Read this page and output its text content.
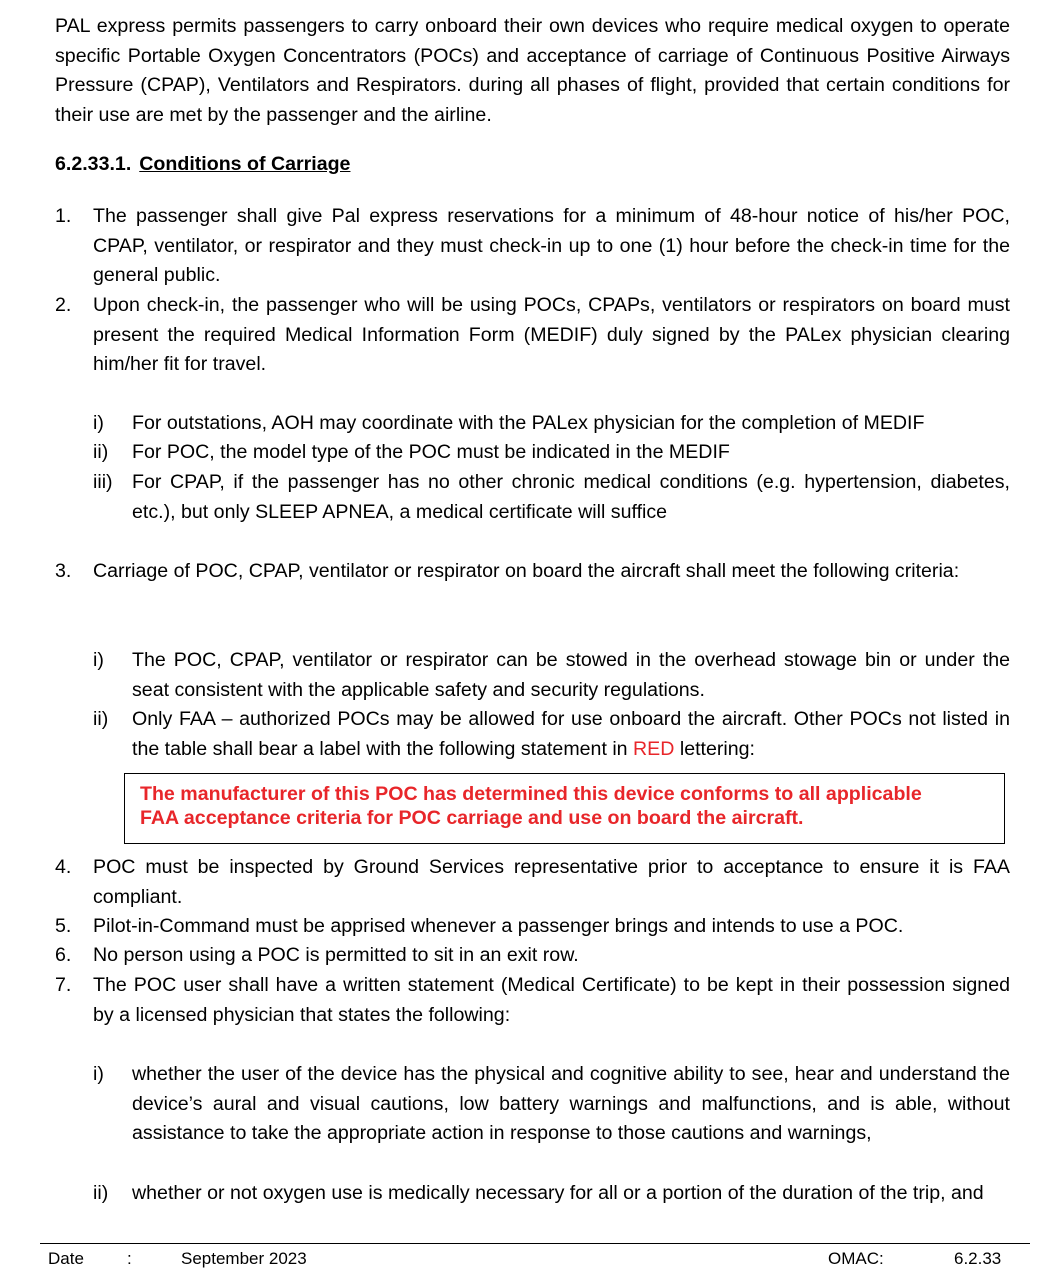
PAL express permits passengers to carry onboard their own devices who require medical oxygen to operate specific Portable Oxygen Concentrators (POCs) and acceptance of carriage of Continuous Positive Airways Pressure (CPAP), Ventilators and Respirators. during all phases of flight, provided that certain conditions for their use are met by the passenger and the airline.

6.2.33.1. Conditions of Carriage

1.	The passenger shall give Pal express reservations for a minimum of 48-hour notice of his/her POC, CPAP, ventilator, or respirator and they must check-in up to one (1) hour before the check-in time for the general public.
2.	Upon check-in, the passenger who will be using POCs, CPAPs, ventilators or respirators on board must present the required Medical Information Form (MEDIF) duly signed by the PALex physician clearing him/her fit for travel.
i)	For outstations, AOH may coordinate with the PALex physician for the completion of MEDIF
ii)	For POC, the model type of the POC must be indicated in the MEDIF
iii) For CPAP, if the passenger has no other chronic medical conditions (e.g. hypertension, diabetes, etc.), but only SLEEP APNEA, a medical certificate will suffice
3.	Carriage of POC, CPAP, ventilator or respirator on board the aircraft shall meet the following criteria:
i)	The POC, CPAP, ventilator or respirator can be stowed in the overhead stowage bin or under the seat consistent with the applicable safety and security regulations.
ii)	Only FAA – authorized POCs may be allowed for use onboard the aircraft. Other POCs not listed in the table shall bear a label with the following statement in RED lettering:
The manufacturer of this POC has determined this device conforms to all applicable
FAA acceptance criteria for POC carriage and use on board the aircraft.
4.	POC must be inspected by Ground Services representative prior to acceptance to ensure it is FAA compliant.
5.	Pilot-in-Command must be apprised whenever a passenger brings and intends to use a POC.
6.	No person using a POC is permitted to sit in an exit row.
7.	The POC user shall have a written statement (Medical Certificate) to be kept in their possession signed by a licensed physician that states the following:
i)	whether the user of the device has the physical and cognitive ability to see, hear and understand the device’s aural and visual cautions, low battery warnings and malfunctions, and is able, without assistance to take the appropriate action in response to those cautions and warnings,
ii)	whether or not oxygen use is medically necessary for all or a portion of the duration of the trip, and
Date	:	September 2023	OMAC:	6.2.33
